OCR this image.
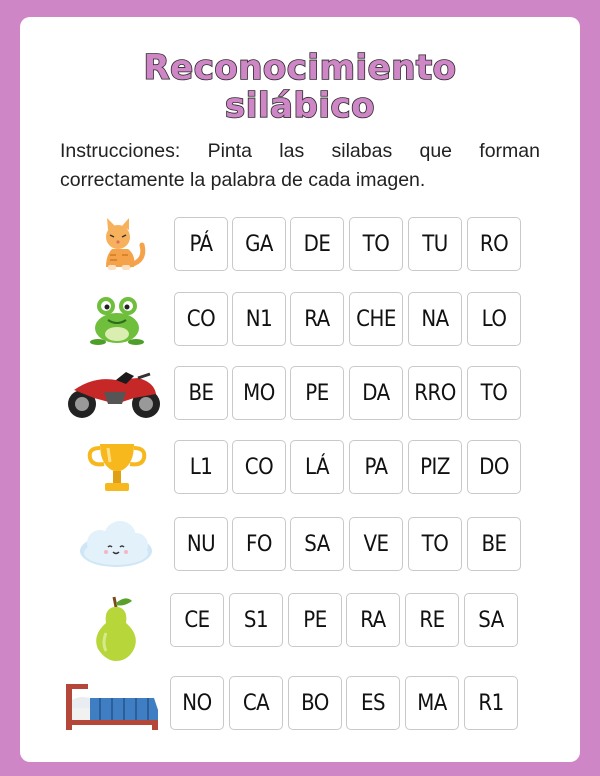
Reconocimiento
silábico
Instrucciones: Pinta las silabas que forman correctamente la palabra de cada imagen.
PÁ	GA	DE	TO	TU	RO
CO	N1	RA	CHE	NA	LO
BE	MO	PE	DA	RRO	TO
L1	CO	LÁ	PA	PIZ	DO
NU	FO	SA	VE	TO	BE
CE	S1	PE	RA	RE	SA
NO	CA	BO	ES	MA	R1
